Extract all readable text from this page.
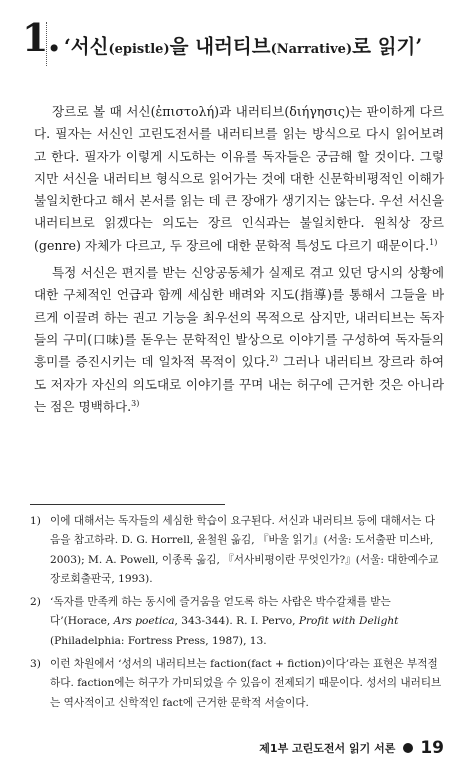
1. ‘서신(epistle)을 내러티브(Narrative)로 읽기’

장르로 볼 때 서신(ἐπιστολή)과 내러티브(διήγησις)는 판이하게 다르다. 필자는 서신인 고린도전서를 내러티브를 읽는 방식으로 다시 읽어보려고 한다. 필자가 이렇게 시도하는 이유를 독자들은 궁금해 할 것이다. 그렇지만 서신을 내러티브 형식으로 읽어가는 것에 대한 신문학비평적인 이해가 불일치한다고 해서 본서를 읽는 데 큰 장애가 생기지는 않는다. 우선 서신을 내러티브로 읽겠다는 의도는 장르 인식과는 불일치한다. 원칙상 장르(genre) 자체가 다르고, 두 장르에 대한 문학적 특성도 다르기 때문이다.$^{1)}$

특정 서신은 편지를 받는 신앙공동체가 실제로 겪고 있던 당시의 상황에 대한 구체적인 언급과 함께 세심한 배려와 지도(指導)를 통해서 그들을 바르게 이끌려 하는 권고 기능을 최우선의 목적으로 삼지만, 내러티브는 독자들의 구미(口味)를 돋우는 문학적인 발상으로 이야기를 구성하여 독자들의 흥미를 증진시키는 데 일차적 목적이 있다.$^{2)}$ 그러나 내러티브 장르라 하여도 저자가 자신의 의도대로 이야기를 꾸며 내는 허구에 근거한 것은 아니라는 점은 명백하다.$^{3)}$

1) 이에 대해서는 독자들의 세심한 학습이 요구된다. 서신과 내러티브 등에 대해서는 다음을 참고하라. D. G. Horrell, 윤철원 옮김, 『바울 읽기』(서울: 도서출판 미스바, 2003); M. A. Powell, 이종록 옮김, 『서사비평이란 무엇인가?』(서울: 대한예수교장로회출판국, 1993).
2) ‘독자를 만족케 하는 동시에 즐거움을 얻도록 하는 사람은 박수갈채를 받는다’(Horace, Ars poetica, 343-344). R. I. Pervo, Profit with Delight (Philadelphia: Fortress Press, 1987), 13.
3) 이런 차원에서 ‘성서의 내러티브는 faction(fact + fiction)이다’라는 표현은 부적절하다. faction에는 허구가 가미되었을 수 있음이 전제되기 때문이다. 성서의 내러티브는 역사적이고 신학적인 fact에 근거한 문학적 서술이다.
제1부 고린도전서 읽기 서론 19
